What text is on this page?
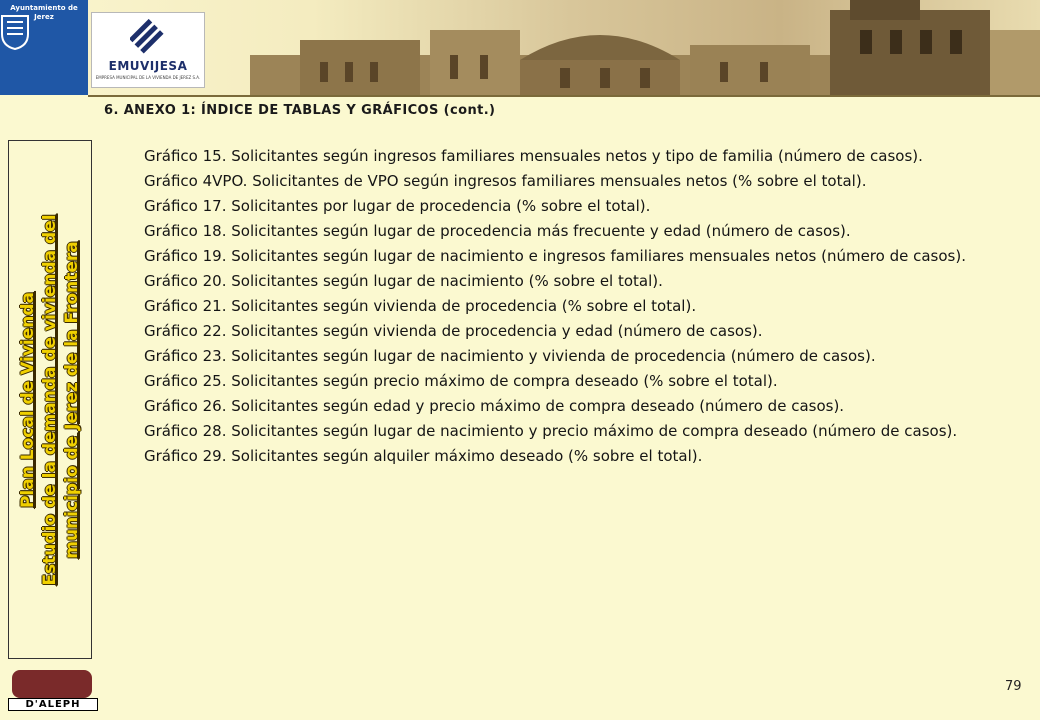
Ayuntamiento de Jerez
EMUVIJESA
EMPRESA MUNICIPAL DE LA VIVIENDA DE JEREZ S.A.
6. ANEXO 1: ÍNDICE DE TABLAS Y GRÁFICOS (cont.)
Plan Local de Vivienda Estudio de la demanda de vivienda del municipio de Jerez de la Frontera
Gráfico 15. Solicitantes según ingresos familiares mensuales netos y tipo de familia (número de casos).
Gráfico 4VPO. Solicitantes de VPO según ingresos familiares mensuales netos (% sobre el total).
Gráfico 17. Solicitantes por lugar de procedencia (% sobre el total).
Gráfico 18. Solicitantes según lugar de procedencia más frecuente y edad (número de casos).
Gráfico 19. Solicitantes según lugar de nacimiento e ingresos familiares mensuales netos (número de casos).
Gráfico 20. Solicitantes según lugar de nacimiento (% sobre el total).
Gráfico 21. Solicitantes según vivienda de procedencia (% sobre el total).
Gráfico 22. Solicitantes según vivienda de procedencia y edad (número de casos).
Gráfico 23. Solicitantes según lugar de nacimiento y vivienda de procedencia (número de casos).
Gráfico 25. Solicitantes según precio máximo de compra deseado (% sobre el total).
Gráfico 26. Solicitantes según edad y precio máximo de compra deseado (número de casos).
Gráfico 28. Solicitantes según lugar de nacimiento y precio máximo de compra deseado (número de casos).
Gráfico 29. Solicitantes según alquiler máximo deseado (% sobre el total).
D'ALEPH
79
